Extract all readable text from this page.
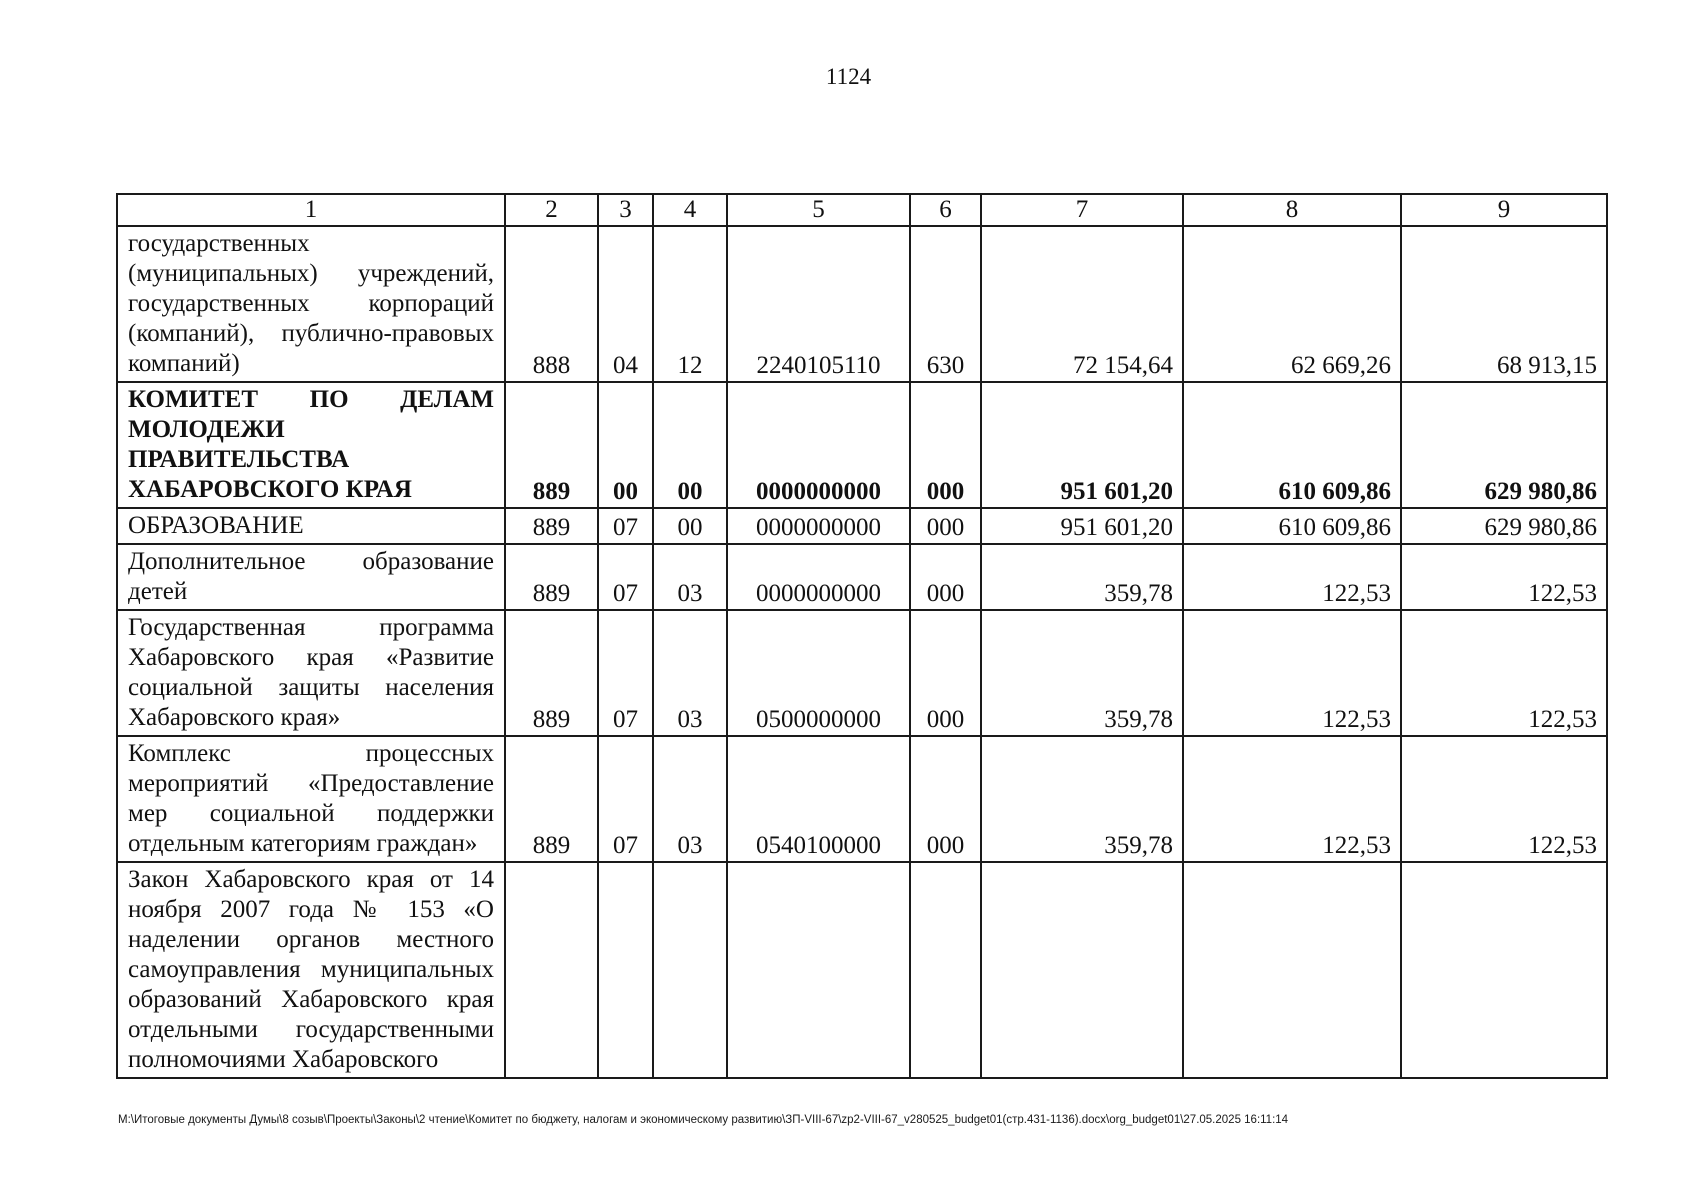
1124
1	2	3	4	5	6	7	8	9
государственных (муниципальных) учреждений, государственных корпораций (компаний), публично-правовых компаний)	888	04	12	2240105110	630	72 154,64	62 669,26	68 913,15
КОМИТЕТ ПО ДЕЛАМ МОЛОДЕЖИ ПРАВИТЕЛЬСТВА ХАБАРОВСКОГО КРАЯ	889	00	00	0000000000	000	951 601,20	610 609,86	629 980,86
ОБРАЗОВАНИЕ	889	07	00	0000000000	000	951 601,20	610 609,86	629 980,86
Дополнительное образование детей	889	07	03	0000000000	000	359,78	122,53	122,53
Государственная программа Хабаровского края «Развитие социальной защиты населения Хабаровского края»	889	07	03	0500000000	000	359,78	122,53	122,53
Комплекс процессных мероприятий «Предоставление мер социальной поддержки отдельным категориям граждан»	889	07	03	0540100000	000	359,78	122,53	122,53
Закон Хабаровского края от 14 ноября 2007 года № 153 «О наделении органов местного самоуправления муниципальных образований Хабаровского края отдельными государственными полномочиями Хабаровского								
M:\Итоговые документы Думы\8 созыв\Проекты\Законы\2 чтение\Комитет по бюджету, налогам и экономическому развитию\ЗП-VIII-67\zp2-VIII-67_v280525_budget01(стр.431-1136).docx\org_budget01\27.05.2025 16:11:14
